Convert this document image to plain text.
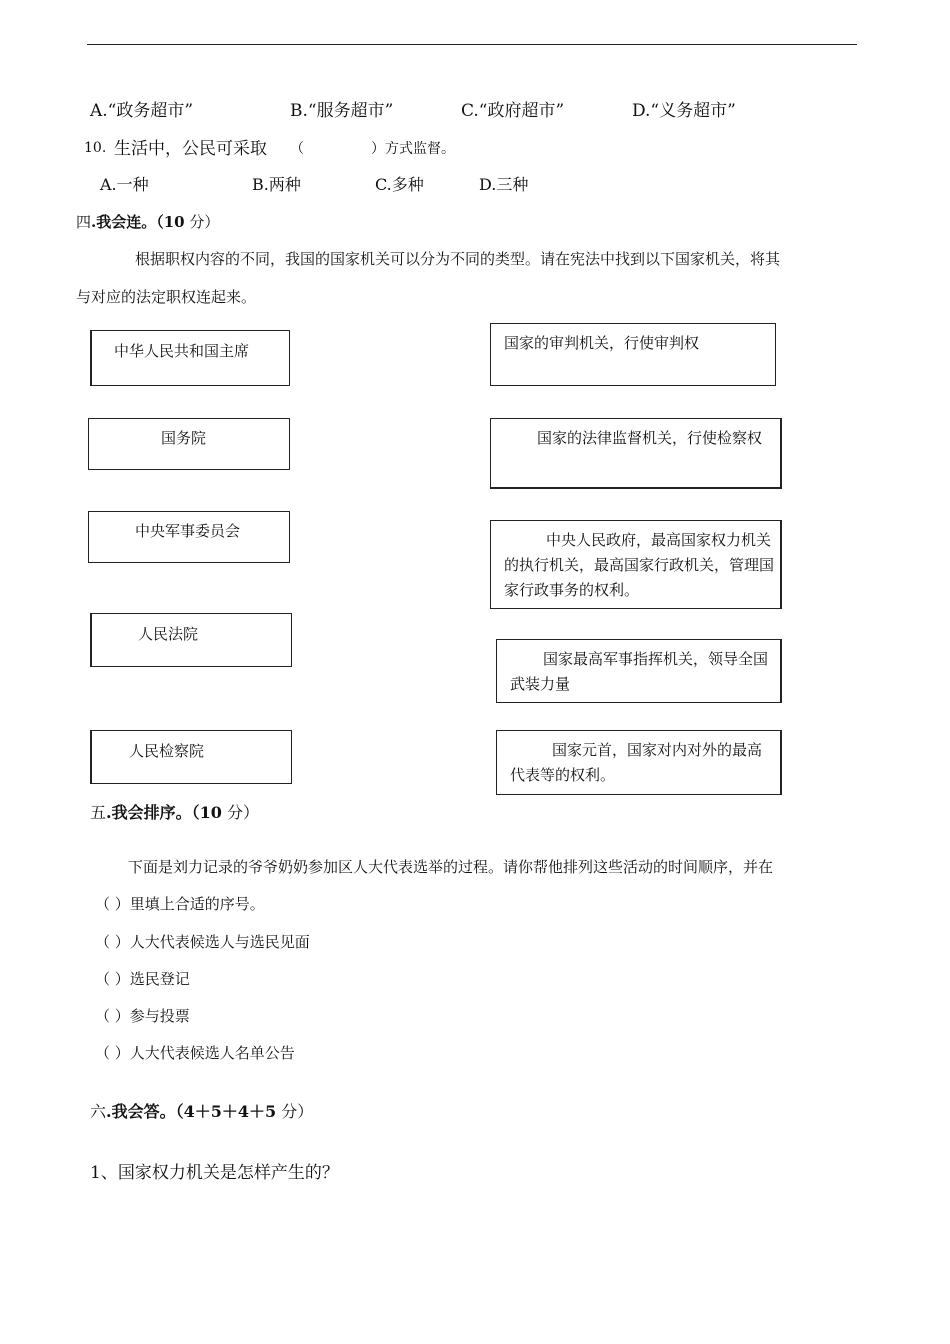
A.“政务超市”	B.“服务超市”	C.“政府超市”	D.“义务超市”
10. 生活中，公民可采取 （	）方式监督。
A.一种	B.两种	C.多种	D.三种
四.我会连。（10 分）
根据职权内容的不同，我国的国家机关可以分为不同的类型。请在宪法中找到以下国家机关，将其
与对应的法定职权连起来。
中华人民共和国主席
国务院
中央军事委员会
人民法院
人民检察院
国家的审判机关，行使审判权
国家的法律监督机关，行使检察权
中央人民政府，最高国家权力机关的执行机关，最高国家行政机关，管理国家行政事务的权利。
国家最高军事指挥机关，领导全国武装力量
国家元首，国家对内对外的最高代表等的权利。
五.我会排序。（10 分）
下面是刘力记录的爷爷奶奶参加区人大代表选举的过程。请你帮他排列这些活动的时间顺序，并在
（ ）里填上合适的序号。
（ ）人大代表候选人与选民见面
（ ）选民登记
（ ）参与投票
（ ）人大代表候选人名单公告
六.我会答。（4＋5＋4＋5 分）
1、国家权力机关是怎样产生的？
